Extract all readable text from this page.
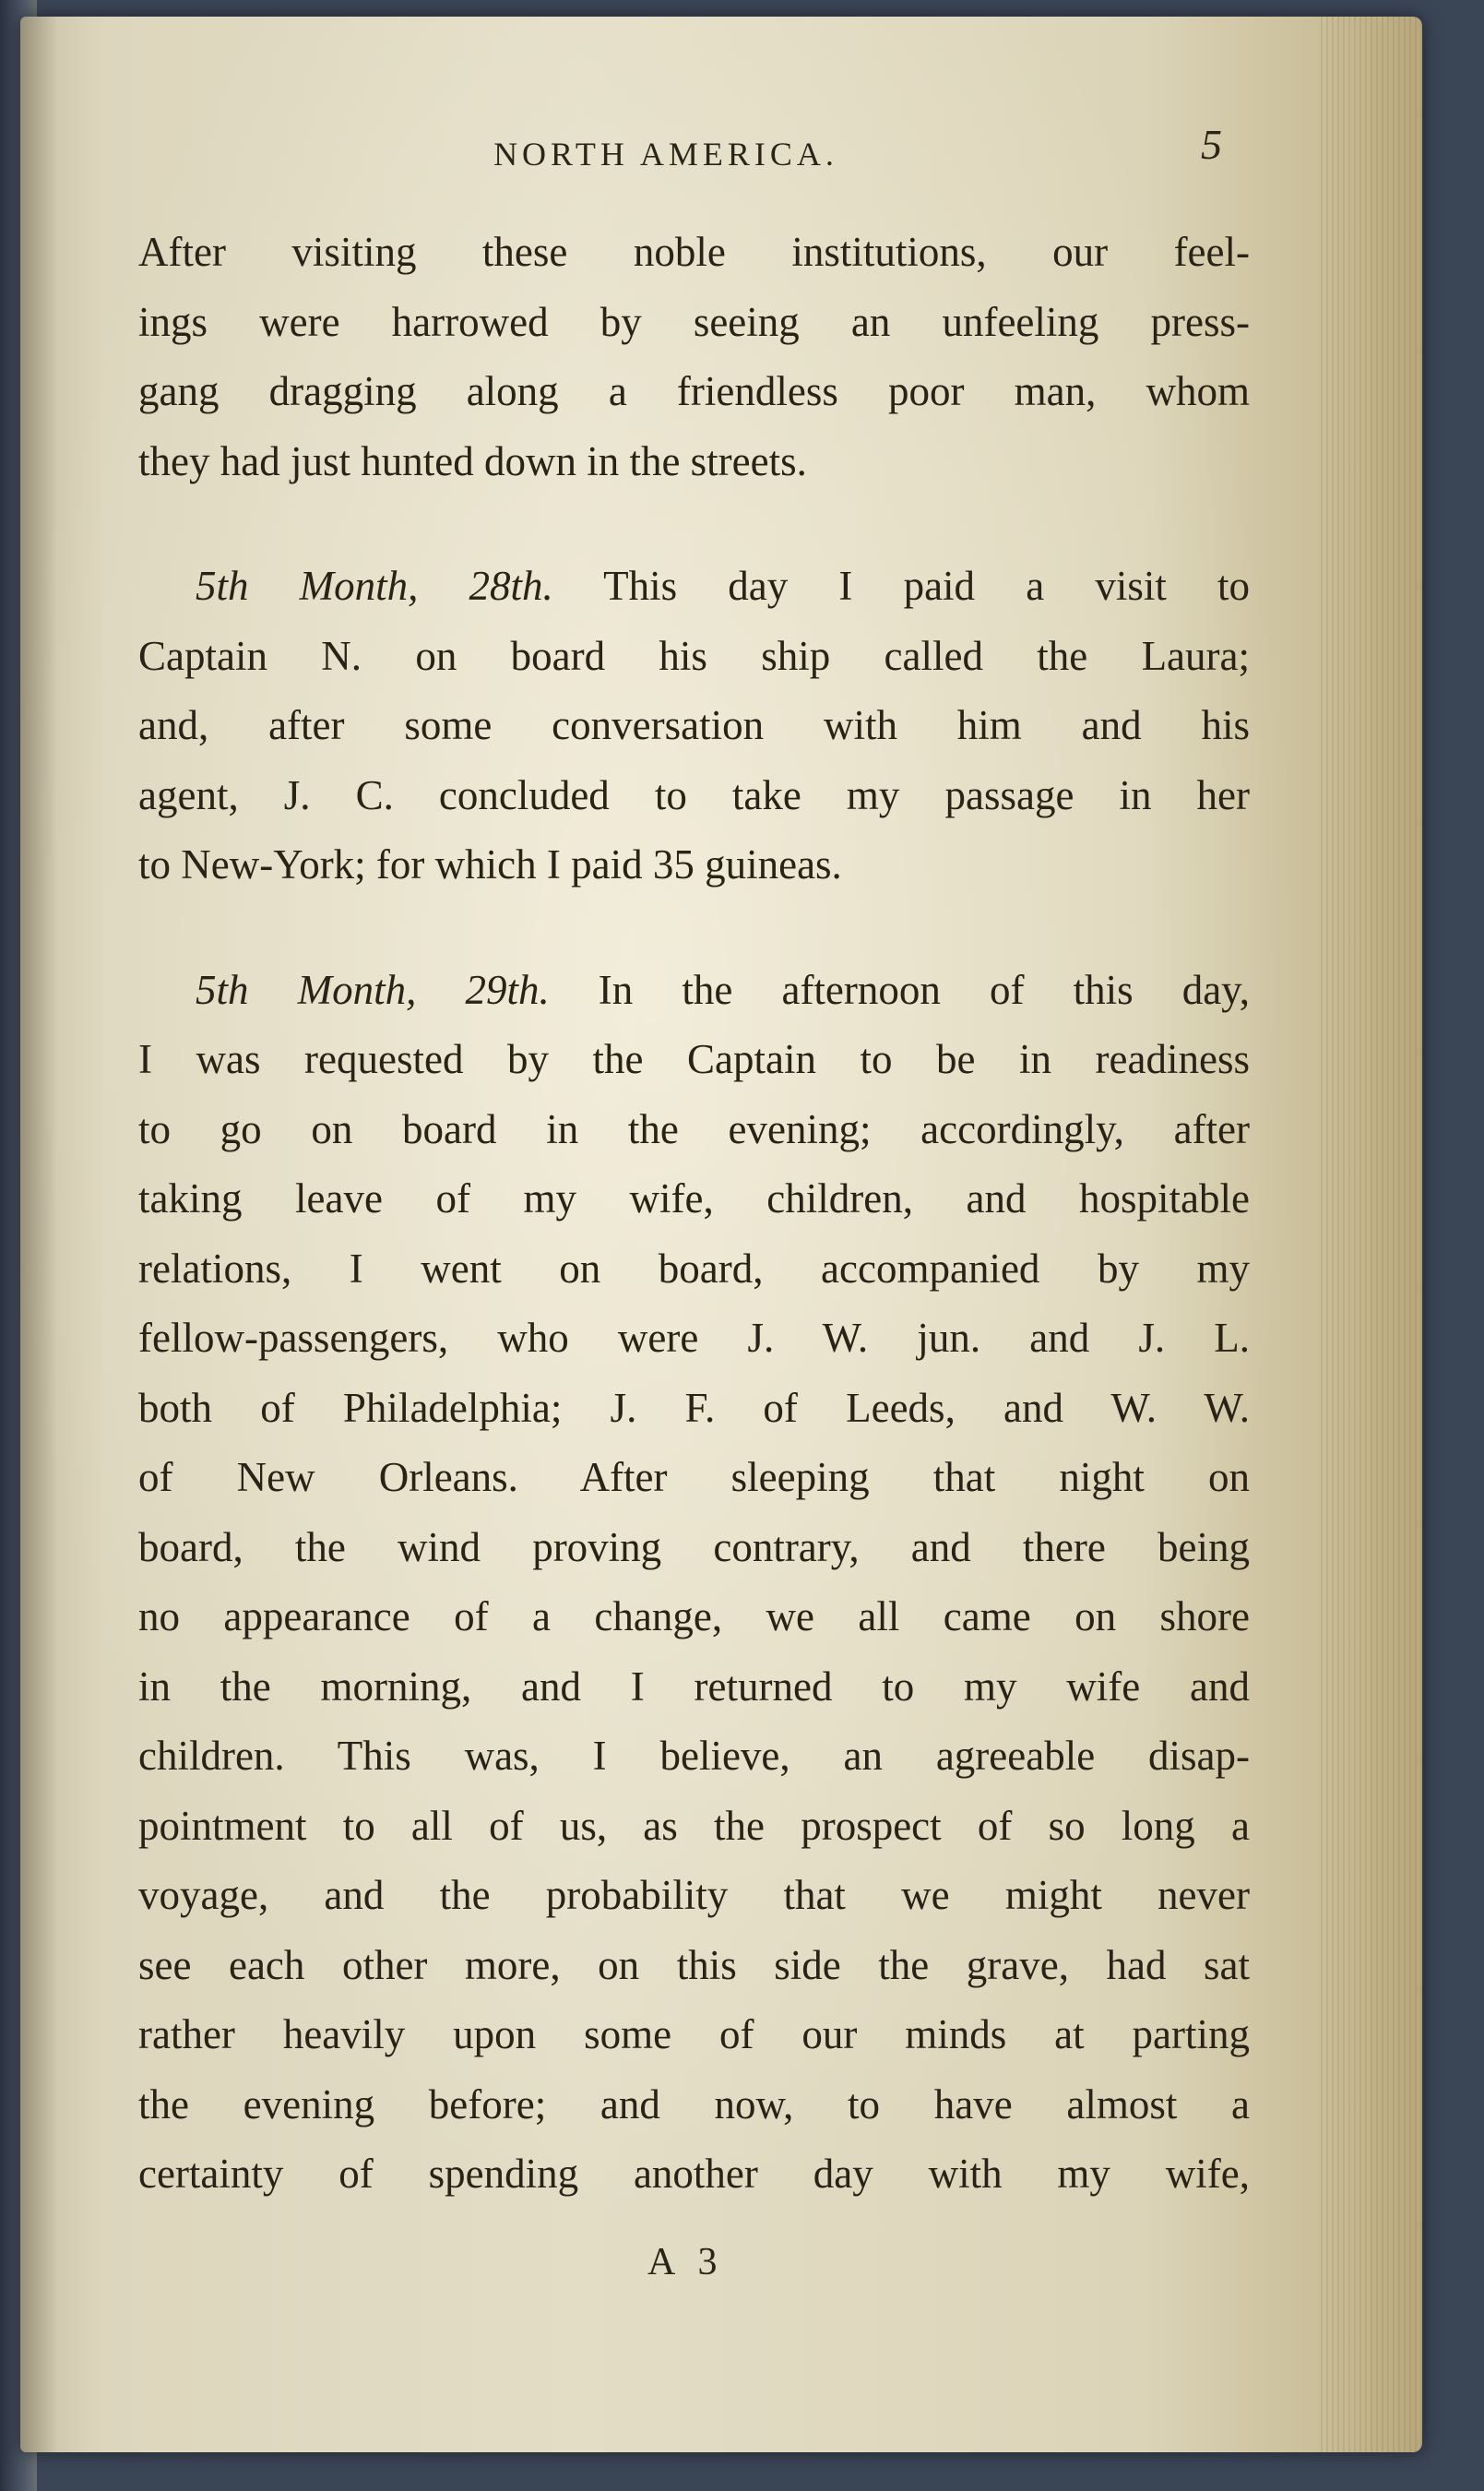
NORTH AMERICA.	5
After visiting these noble institutions, our feel-
ings were harrowed by seeing an unfeeling press-
gang dragging along a friendless poor man, whom
they had just hunted down in the streets.
5th Month, 28th. This day I paid a visit to
Captain N. on board his ship called the Laura;
and, after some conversation with him and his
agent, J. C. concluded to take my passage in her
to New-York; for which I paid 35 guineas.
5th Month, 29th. In the afternoon of this day,
I was requested by the Captain to be in readiness
to go on board in the evening; accordingly, after
taking leave of my wife, children, and hospitable
relations, I went on board, accompanied by my
fellow-passengers, who were J. W. jun. and J. L.
both of Philadelphia; J. F. of Leeds, and W. W.
of New Orleans. After sleeping that night on
board, the wind proving contrary, and there being
no appearance of a change, we all came on shore
in the morning, and I returned to my wife and
children. This was, I believe, an agreeable disap-
pointment to all of us, as the prospect of so long a
voyage, and the probability that we might never
see each other more, on this side the grave, had sat
rather heavily upon some of our minds at parting
the evening before; and now, to have almost a
certainty of spending another day with my wife,
A 3
